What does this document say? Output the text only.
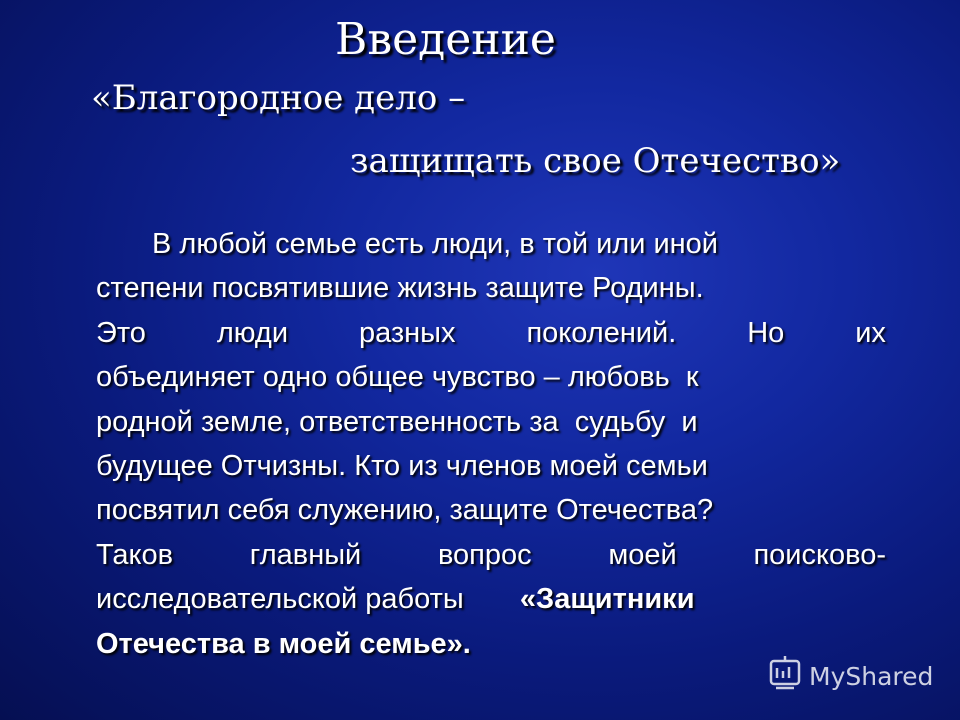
Введение

«Благородное дело –

защищать свое Отечество»

В любой семье есть люди, в той или иной
степени посвятившие жизнь защите Родины.
Это люди разных поколений. Но их
объединяет одно общее чувство – любовь  к
родной земле, ответственность за  судьбу  и
будущее Отчизны. Кто из членов моей семьи
посвятил себя служению, защите Отечества?
Таков	главный	вопрос	моей	поисково-
исследовательской работы «Защитники
Отечества в моей семье».
MyShared
